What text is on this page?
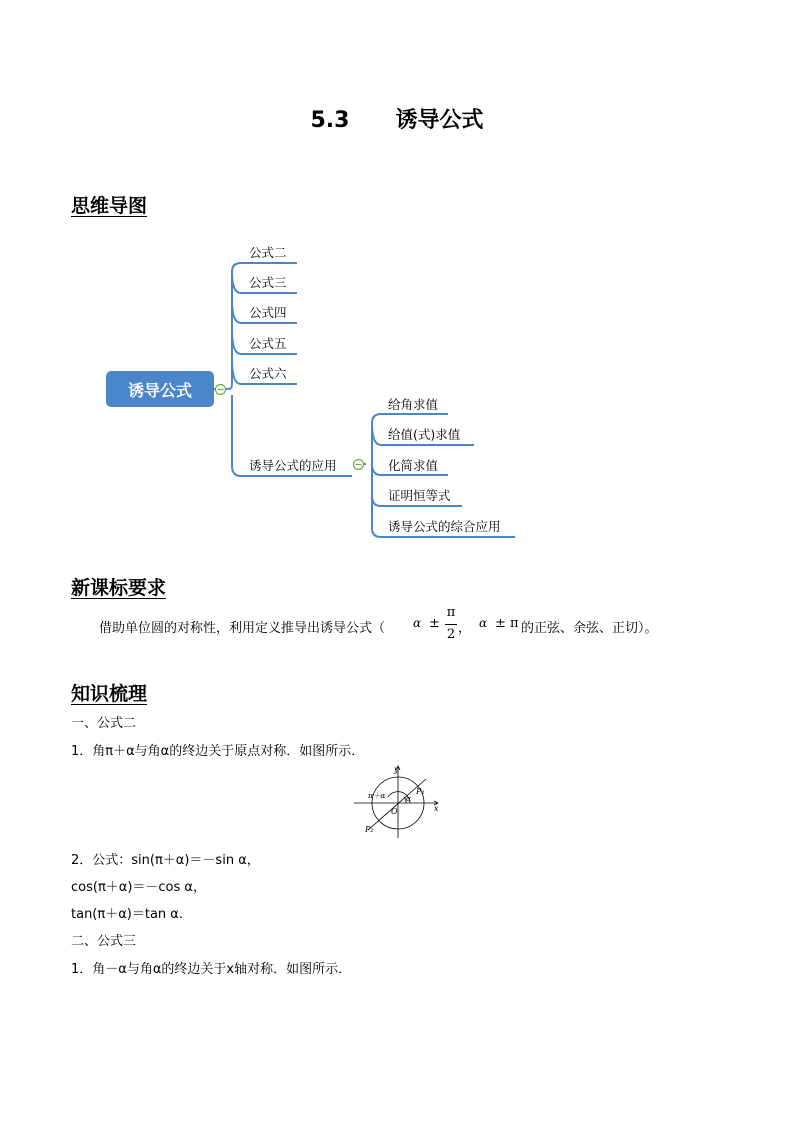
5.3 诱导公式
思维导图
诱导公式
公式二
公式三
公式四
公式五
公式六
诱导公式的应用
给角求值
给值(式)求值
化简求值
证明恒等式
诱导公式的综合应用
新课标要求
借助单位圆的对称性，利用定义推导出诱导公式（ α ±
π
2 ， α ± π 的正弦、余弦、正切）。
知识梳理
一、公式二
1．角π＋α与角α的终边关于原点对称．如图所示．
y
x
O
P₁
P₂
π＋α	α
2．公式：sin(π＋α)＝－sin α，
cos(π＋α)＝－cos α，
tan(π＋α)＝tan α.
二、公式三
1．角－α与角α的终边关于x轴对称．如图所示．
